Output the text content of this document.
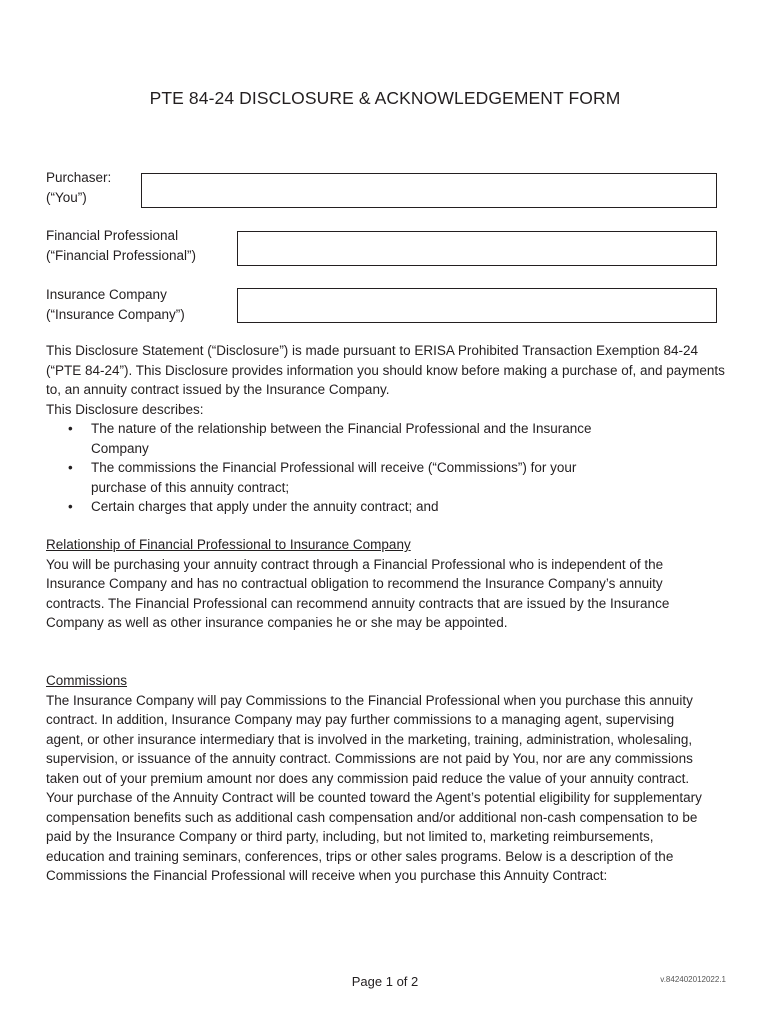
PTE 84-24 DISCLOSURE & ACKNOWLEDGEMENT FORM
Purchaser:
(“You”)
Financial Professional
(“Financial Professional”)
Insurance Company
(“Insurance Company”)

This Disclosure Statement (“Disclosure”) is made pursuant to ERISA Prohibited Transaction Exemption 84-24 (“PTE 84-24”). This Disclosure provides information you should know before making a purchase of, and payments to, an annuity contract issued by the Insurance Company.

This Disclosure describes:

• The nature of the relationship between the Financial Professional and the Insurance Company
• The commissions the Financial Professional will receive (“Commissions”) for your purchase of this annuity contract;
• Certain charges that apply under the annuity contract; and
Relationship of Financial Professional to Insurance Company

You will be purchasing your annuity contract through a Financial Professional who is independent of the Insurance Company and has no contractual obligation to recommend the Insurance Company’s annuity contracts. The Financial Professional can recommend annuity contracts that are issued by the Insurance Company as well as other insurance companies he or she may be appointed.

Commissions

The Insurance Company will pay Commissions to the Financial Professional when you purchase this annuity contract. In addition, Insurance Company may pay further commissions to a managing agent, supervising agent, or other insurance intermediary that is involved in the marketing, training, administration, wholesaling, supervision, or issuance of the annuity contract. Commissions are not paid by You, nor are any commissions taken out of your premium amount nor does any commission paid reduce the value of your annuity contract. Your purchase of the Annuity Contract will be counted toward the Agent’s potential eligibility for supplementary compensation benefits such as additional cash compensation and/or additional non-cash compensation to be paid by the Insurance Company or third party, including, but not limited to, marketing reimbursements, education and training seminars, conferences, trips or other sales programs. Below is a description of the Commissions the Financial Professional will receive when you purchase this Annuity Contract:

Page 1 of 2	v.842402012022.1
